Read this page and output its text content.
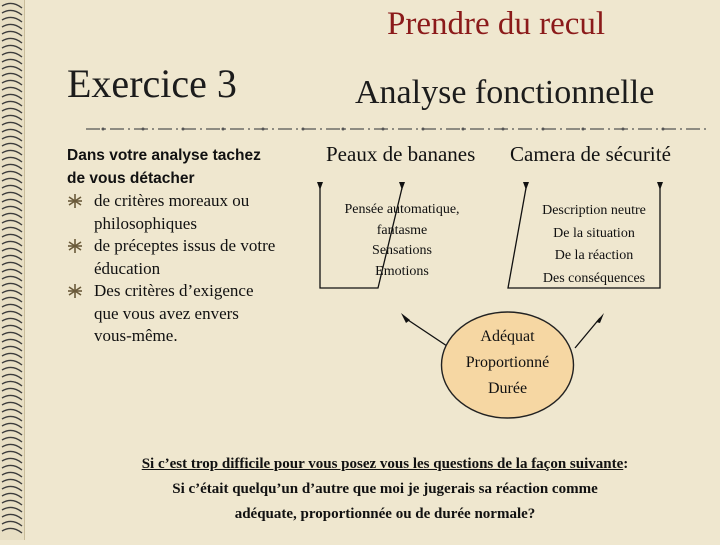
Prendre du recul
Exercice 3	Analyse fonctionnelle
Dans votre analyse tachez de vous détacher
de critères moreaux ou philosophiques
de préceptes issus de votre éducation
Des critères d’exigence que vous avez envers vous-même.
Peaux de bananes Camera de sécurité
Pensée automatique, fantasme
Sensations
Emotions
Description neutre
De la situation
De la réaction
Des conséquences
Adéquat
Proportionné
Durée
Si c’est trop difficile pour vous posez vous les questions de la façon suivante:
Si c’était quelqu’un d’autre que moi je jugerais sa réaction comme
adéquate, proportionnée ou de durée normale?
